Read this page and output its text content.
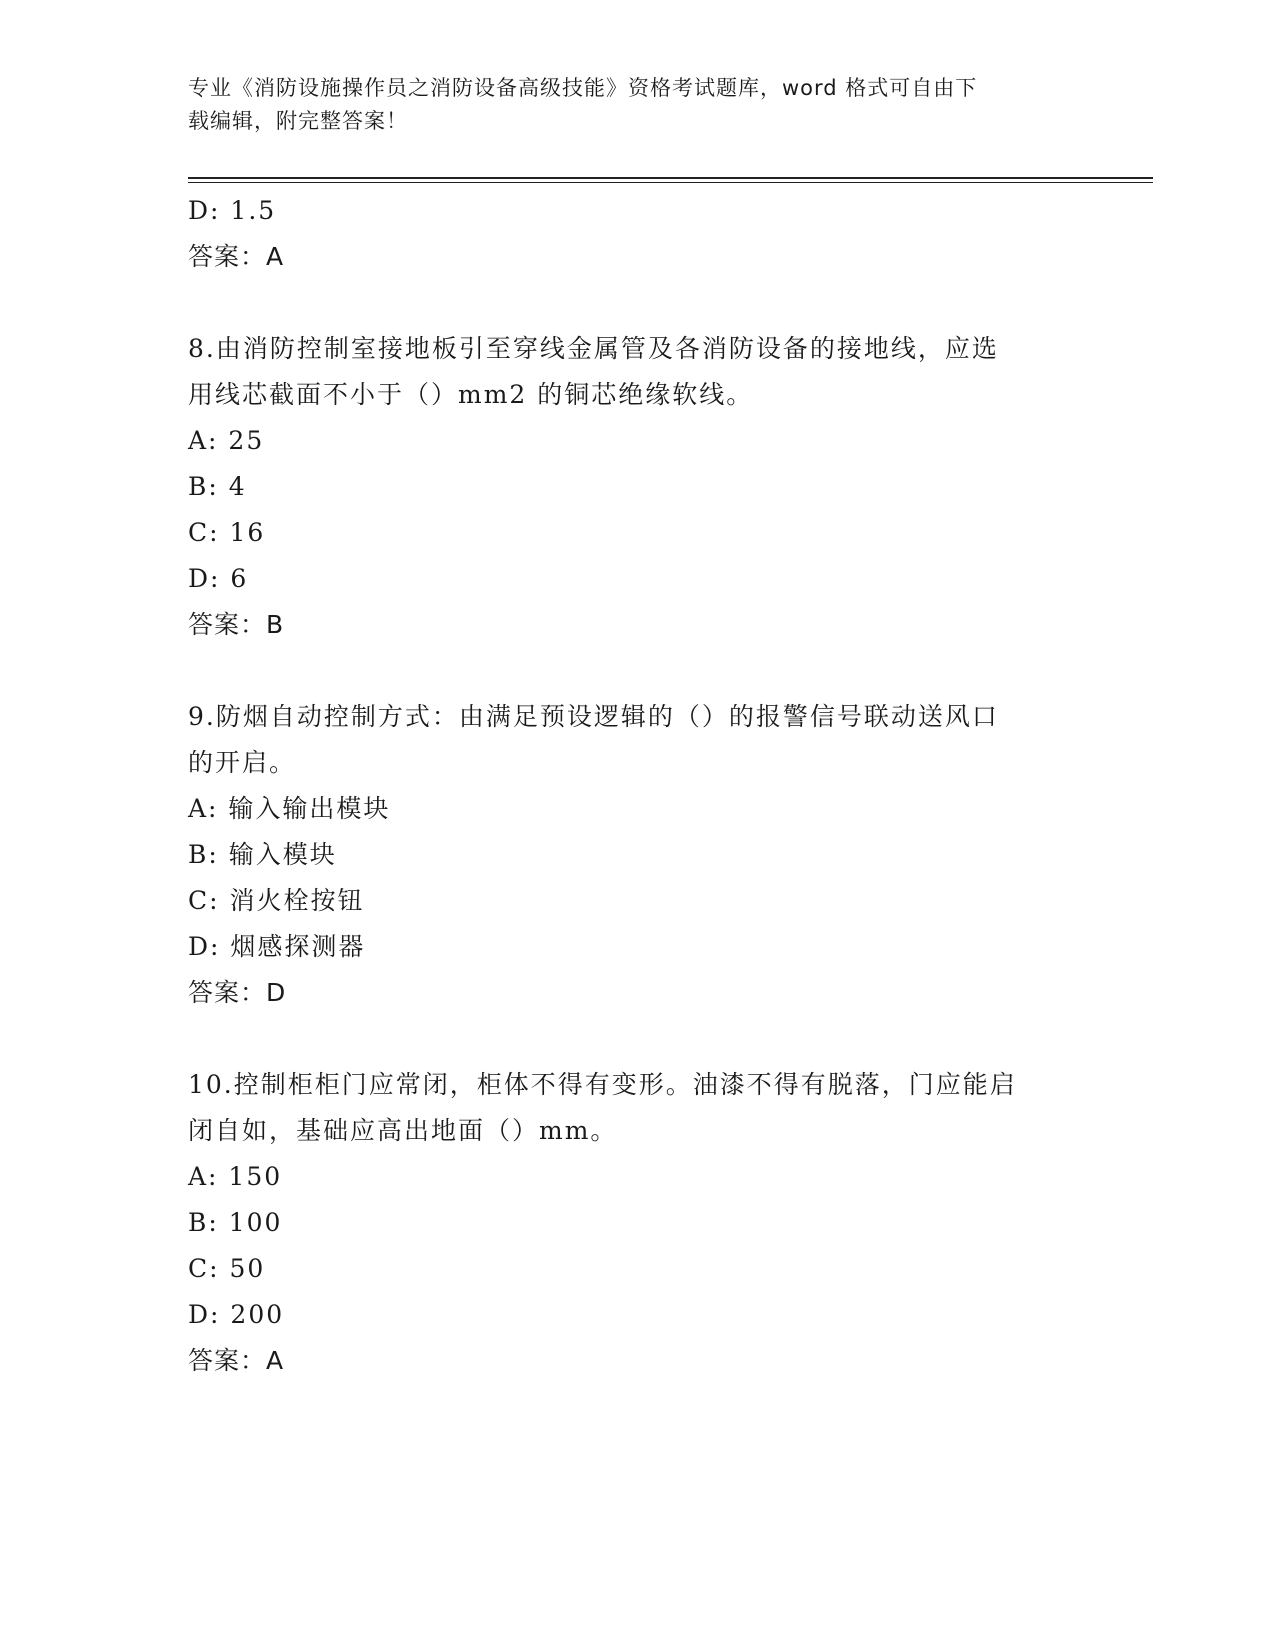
专业《消防设施操作员之消防设备高级技能》资格考试题库，word 格式可自由下
载编辑，附完整答案！
D: 1.5
答案：A
8.由消防控制室接地板引至穿线金属管及各消防设备的接地线，应选
用线芯截面不小于（）mm2 的铜芯绝缘软线。
A: 25
B: 4
C: 16
D: 6
答案：B
9.防烟自动控制方式：由满足预设逻辑的（）的报警信号联动送风口
的开启。
A: 输入输出模块
B: 输入模块
C: 消火栓按钮
D: 烟感探测器
答案：D
10.控制柜柜门应常闭，柜体不得有变形。油漆不得有脱落，门应能启
闭自如，基础应高出地面（）mm。
A: 150
B: 100
C: 50
D: 200
答案：A
